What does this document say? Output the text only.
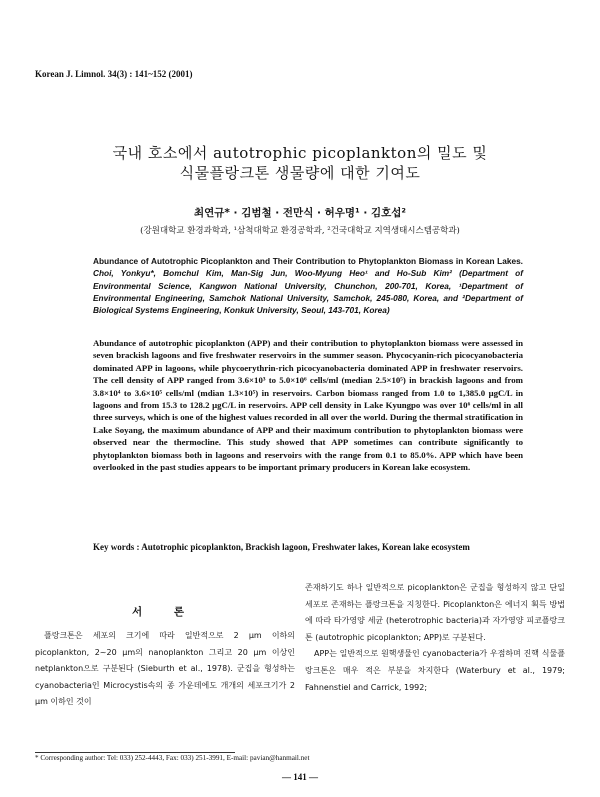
Korean J. Limnol. 34(3) : 141~152 (2001)
국내 호소에서 autotrophic picoplankton의 밀도 및
식물플랑크톤 생물량에 대한 기여도
최연규* · 김범철 · 전만식 · 허우명¹ · 김호섭²
(강원대학교 환경과학과, ¹삼척대학교 환경공학과, ²건국대학교 지역생태시스템공학과)
Abundance of Autotrophic Picoplankton and Their Contribution to Phytoplankton Biomass in Korean Lakes. Choi, Yonkyu*, Bomchul Kim, Man-Sig Jun, Woo-Myung Heo¹ and Ho-Sub Kim² (Department of Environmental Science, Kangwon National University, Chunchon, 200-701, Korea, ¹Department of Environmental Engineering, Samchok National University, Samchok, 245-080, Korea, and ²Department of Biological Systems Engineering, Konkuk University, Seoul, 143-701, Korea)
Abundance of autotrophic picoplankton (APP) and their contribution to phytoplankton biomass were assessed in seven brackish lagoons and five freshwater reservoirs in the summer season. Phycocyanin-rich picocyanobacteria dominated APP in lagoons, while phycoerythrin-rich picocyanobacteria dominated APP in freshwater reservoirs. The cell density of APP ranged from 3.6×10³ to 5.0×10⁶ cells/ml (median 2.5×10⁵) in brackish lagoons and from 3.8×10⁴ to 3.6×10⁵ cells/ml (mdian 1.3×10⁵) in reservoirs. Carbon biomass ranged from 1.0 to 1,385.0 μgC/L in lagoons and from 15.3 to 128.2 μgC/L in reservoirs. APP cell density in Lake Kyungpo was over 10⁶ cells/ml in all three surveys, which is one of the highest values recorded in all over the world. During the thermal stratification in Lake Soyang, the maximum abundance of APP and their maximum contribution to phytoplankton biomass were observed near the thermocline. This study showed that APP sometimes can contribute significantly to phytoplankton biomass both in lagoons and reservoirs with the range from 0.1 to 85.0%. APP which have been overlooked in the past studies appears to be important primary producers in Korean lake ecosystem.
Key words : Autotrophic picoplankton, Brackish lagoon, Freshwater lakes, Korean lake ecosystem
서 론

플랑크톤은 세포의 크기에 따라 일반적으로 2 μm 이하의 picoplankton, 2~20 μm의 nanoplankton 그리고 20 μm 이상인 netplankton으로 구분된다 (Sieburth et al., 1978). 군집을 형성하는 cyanobacteria인 Microcystis속의 종 가운데에도 개개의 세포크기가 2 μm 이하인 것이

존재하기도 하나 일반적으로 picoplankton은 군집을 형성하지 않고 단일세포로 존재하는 플랑크톤을 지칭한다. Picoplankton은 에너지 획득 방법에 따라 타가영양 세균 (heterotrophic bacteria)과 자가영양 피코플랑크톤 (autotrophic picoplankton; APP)로 구분된다.

APP는 일반적으로 원핵생물인 cyanobacteria가 우점하며 진핵 식물플랑크톤은 매우 적은 부분을 차지한다 (Waterbury et al., 1979; Fahnenstiel and Carrick, 1992;

* Corresponding author: Tel: 033) 252-4443, Fax: 033) 251-3991, E-mail: pavian@hanmail.net
— 141 —
